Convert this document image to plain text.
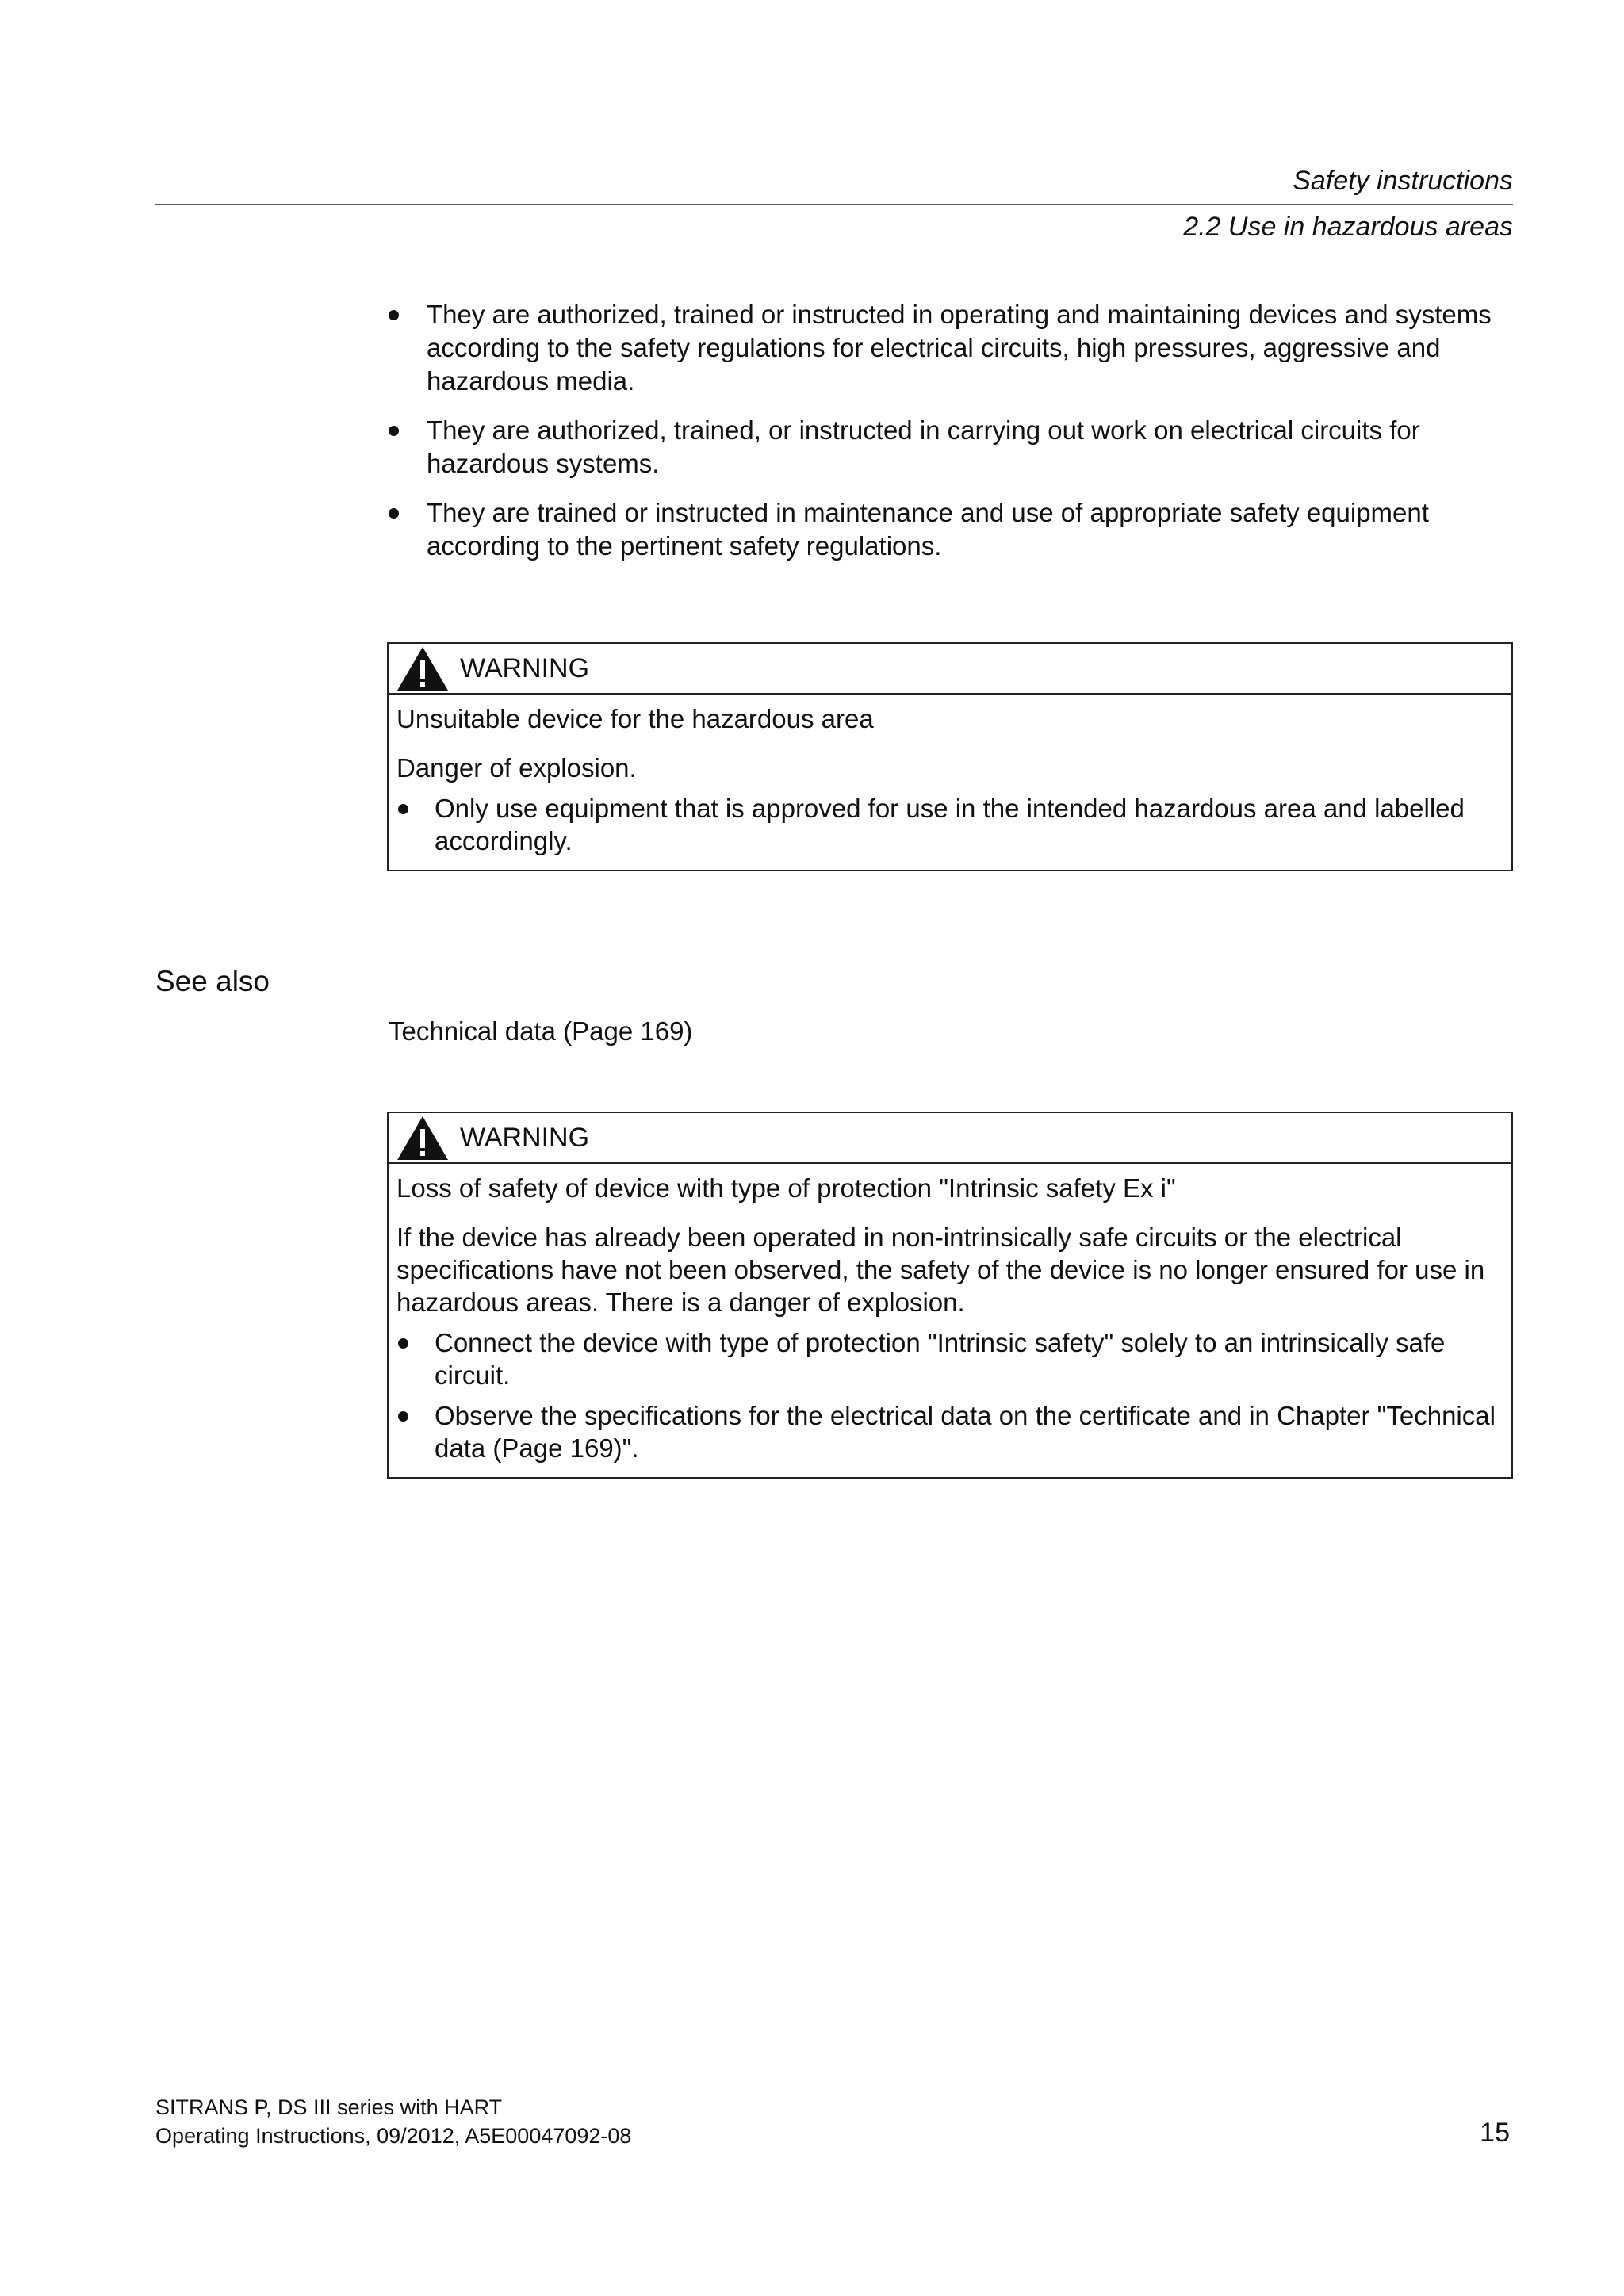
Safety instructions
2.2 Use in hazardous areas
They are authorized, trained or instructed in operating and maintaining devices and systems according to the safety regulations for electrical circuits, high pressures, aggressive and hazardous media.
They are authorized, trained, or instructed in carrying out work on electrical circuits for hazardous systems.
They are trained or instructed in maintenance and use of appropriate safety equipment according to the pertinent safety regulations.
WARNING
Unsuitable device for the hazardous area
Danger of explosion.
Only use equipment that is approved for use in the intended hazardous area and labelled accordingly.
See also
Technical data (Page 169)
WARNING
Loss of safety of device with type of protection "Intrinsic safety Ex i"
If the device has already been operated in non-intrinsically safe circuits or the electrical specifications have not been observed, the safety of the device is no longer ensured for use in hazardous areas. There is a danger of explosion.
Connect the device with type of protection "Intrinsic safety" solely to an intrinsically safe circuit.
Observe the specifications for the electrical data on the certificate and in Chapter "Technical data (Page 169)".
SITRANS P, DS III series with HART
Operating Instructions, 09/2012, A5E00047092-08	15
